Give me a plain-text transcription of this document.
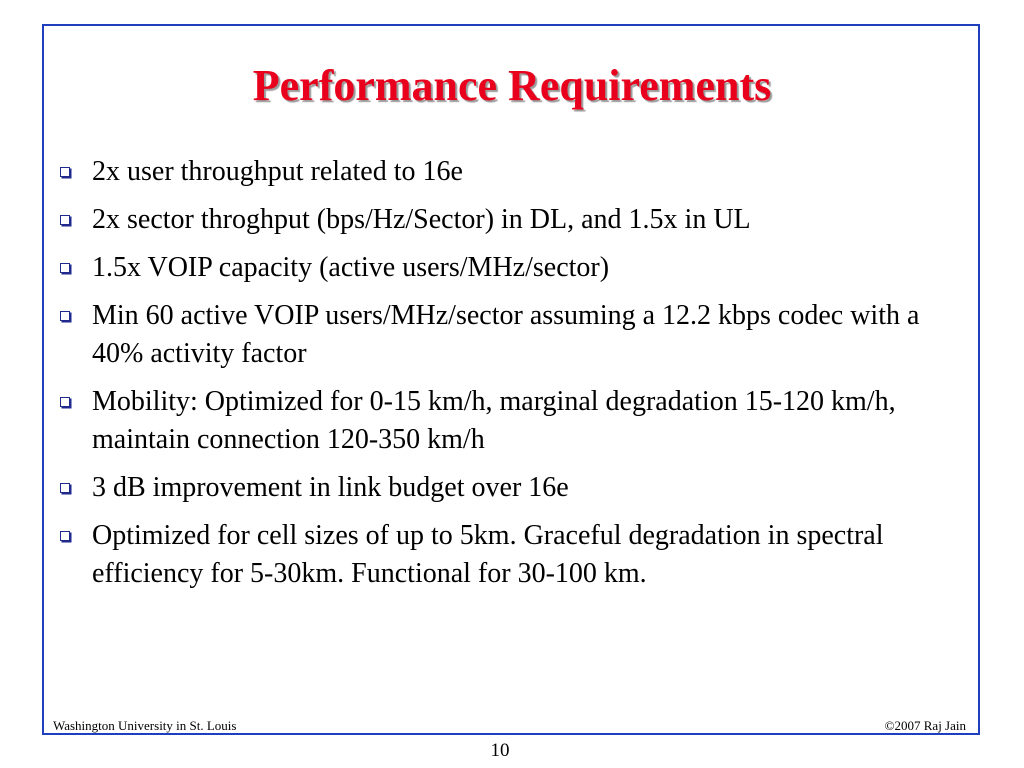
Performance Requirements
2x user throughput related to 16e
2x sector throghput (bps/Hz/Sector) in DL, and 1.5x in UL
1.5x VOIP capacity (active users/MHz/sector)
Min 60 active VOIP users/MHz/sector assuming a 12.2 kbps codec with a 40% activity factor
Mobility: Optimized for 0-15 km/h, marginal degradation 15-120 km/h, maintain connection 120-350 km/h
3 dB improvement in link budget over 16e
Optimized for cell sizes of up to 5km. Graceful degradation in spectral efficiency for 5-30km. Functional for 30-100 km.
Washington University in St. Louis	©2007 Raj Jain
10
